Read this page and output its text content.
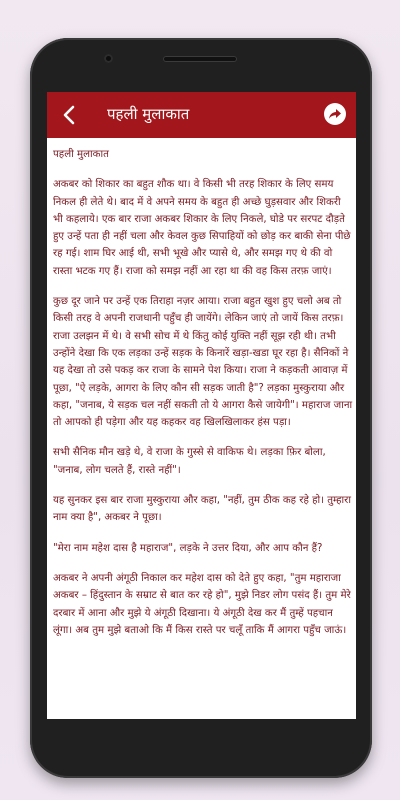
पहली मुलाकात

पहली मुलाकात

अकबर को शिकार का बहुत शौक था। वे किसी भी तरह शिकार के लिए समय निकल ही लेते थे। बाद में वे अपने समय के बहुत ही अच्छे घुड़सवार और शिकरी भी कहलाये। एक बार राजा अकबर शिकार के लिए निकले, घोडे पर सरपट दौड़ते हुए उन्हें पता ही नहीं चला और केवल कुछ सिपाहियों को छोड़ कर बाकी सेना पीछे रह गई। शाम घिर आई थी, सभी भूखे और प्यासे थे, और समझ गए थे की वो रास्ता भटक गए हैं। राजा को समझ नहीं आ रहा था की वह किस तरफ़ जाएं।

कुछ दूर जाने पर उन्हें एक तिराहा नज़र आया। राजा बहुत खुश हुए चलो अब तो किसी तरह वे अपनी राजधानी पहुँच ही जायेंगे। लेकिन जाएं तो जायें किस तरफ़। राजा उलझन में थे। वे सभी सोच में थे किंतु कोई युक्ति नहीं सूझ रही थी। तभी उन्होंने देखा कि एक लड़का उन्हें सड़क के किनारें खड़ा-खडा घूर रहा है। सैनिकों ने यह देखा तो उसे पकड़ कर राजा के सामने पेश किया। राजा ने कड़कती आवाज़ में पूछा, "ऐ लड़के, आगरा के लिए कौन सी सड़क जाती है"? लड़का मुस्कुराया और कहा, "जनाब, ये सड़क चल नहीं सकती तो ये आगरा कैसे जायेगी"। महाराज जाना तो आपको ही पड़ेगा और यह कहकर वह खिलखिलाकर हंस पड़ा।

सभी सैनिक मौन खड़े थे, वे राजा के गुस्से से वाकिफ थे। लड़का फ़िर बोला, "जनाब, लोग चलते हैं, रास्ते नहीं"।

यह सुनकर इस बार राजा मुस्कुराया और कहा, "नहीं, तुम ठीक कह रहे हो। तुम्हारा नाम क्या है", अकबर ने पूछा।

"मेरा नाम महेश दास है महाराज", लड़के ने उत्तर दिया, और आप कौन हैं?

अकबर ने अपनी अंगूठी निकाल कर महेश दास को देते हुए कहा, "तुम महाराजा अकबर – हिंदुस्तान के सम्राट से बात कर रहे हो", मुझे निडर लोग पसंद हैं। तुम मेरे दरबार में आना और मुझे ये अंगूठी दिखाना। ये अंगूठी देख कर मैं तुम्हें पहचान लूंगा। अब तुम मुझे बताओ कि मैं किस रास्ते पर चलूँ ताकि मैं आगरा पहुँच जाऊं।
